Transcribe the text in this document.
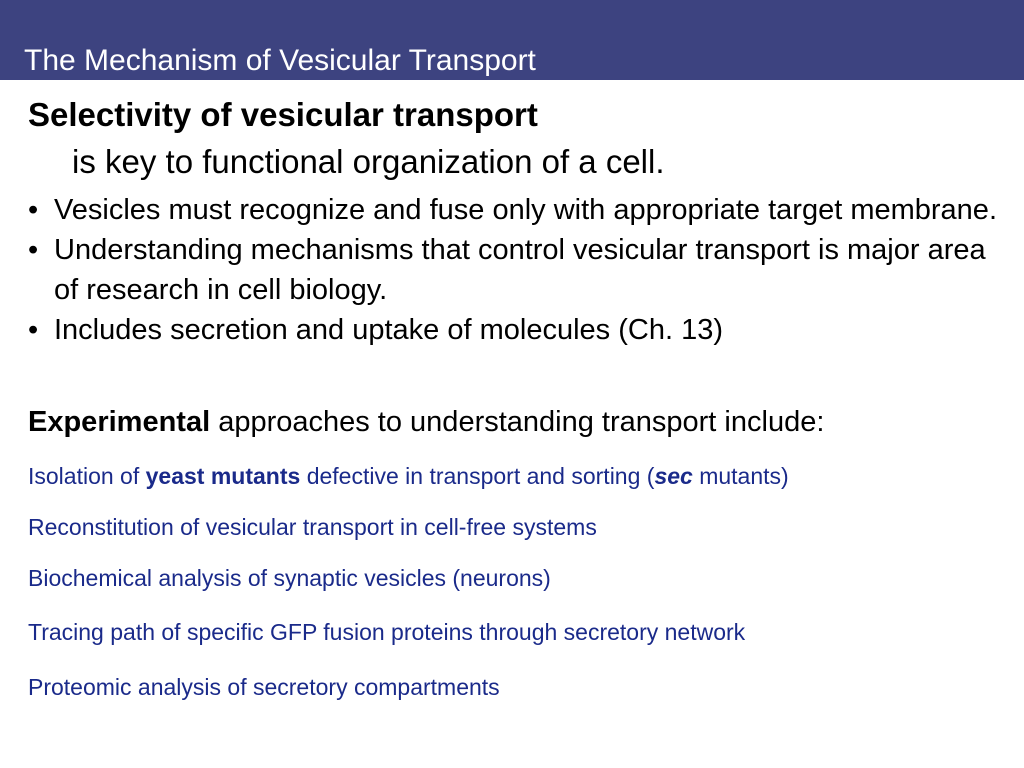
The Mechanism of Vesicular Transport
Selectivity of vesicular transport
is key to functional organization of a cell.
• Vesicles must recognize and fuse only with appropriate target membrane.
• Understanding mechanisms that control vesicular transport is major area of research in cell biology.
• Includes secretion and uptake of molecules (Ch. 13)
Experimental approaches to understanding transport include:
Isolation of yeast mutants defective in transport and sorting (sec mutants)
Reconstitution of vesicular transport in cell-free systems
Biochemical analysis of synaptic vesicles (neurons)
Tracing path of specific GFP fusion proteins through secretory network
Proteomic analysis of secretory compartments
